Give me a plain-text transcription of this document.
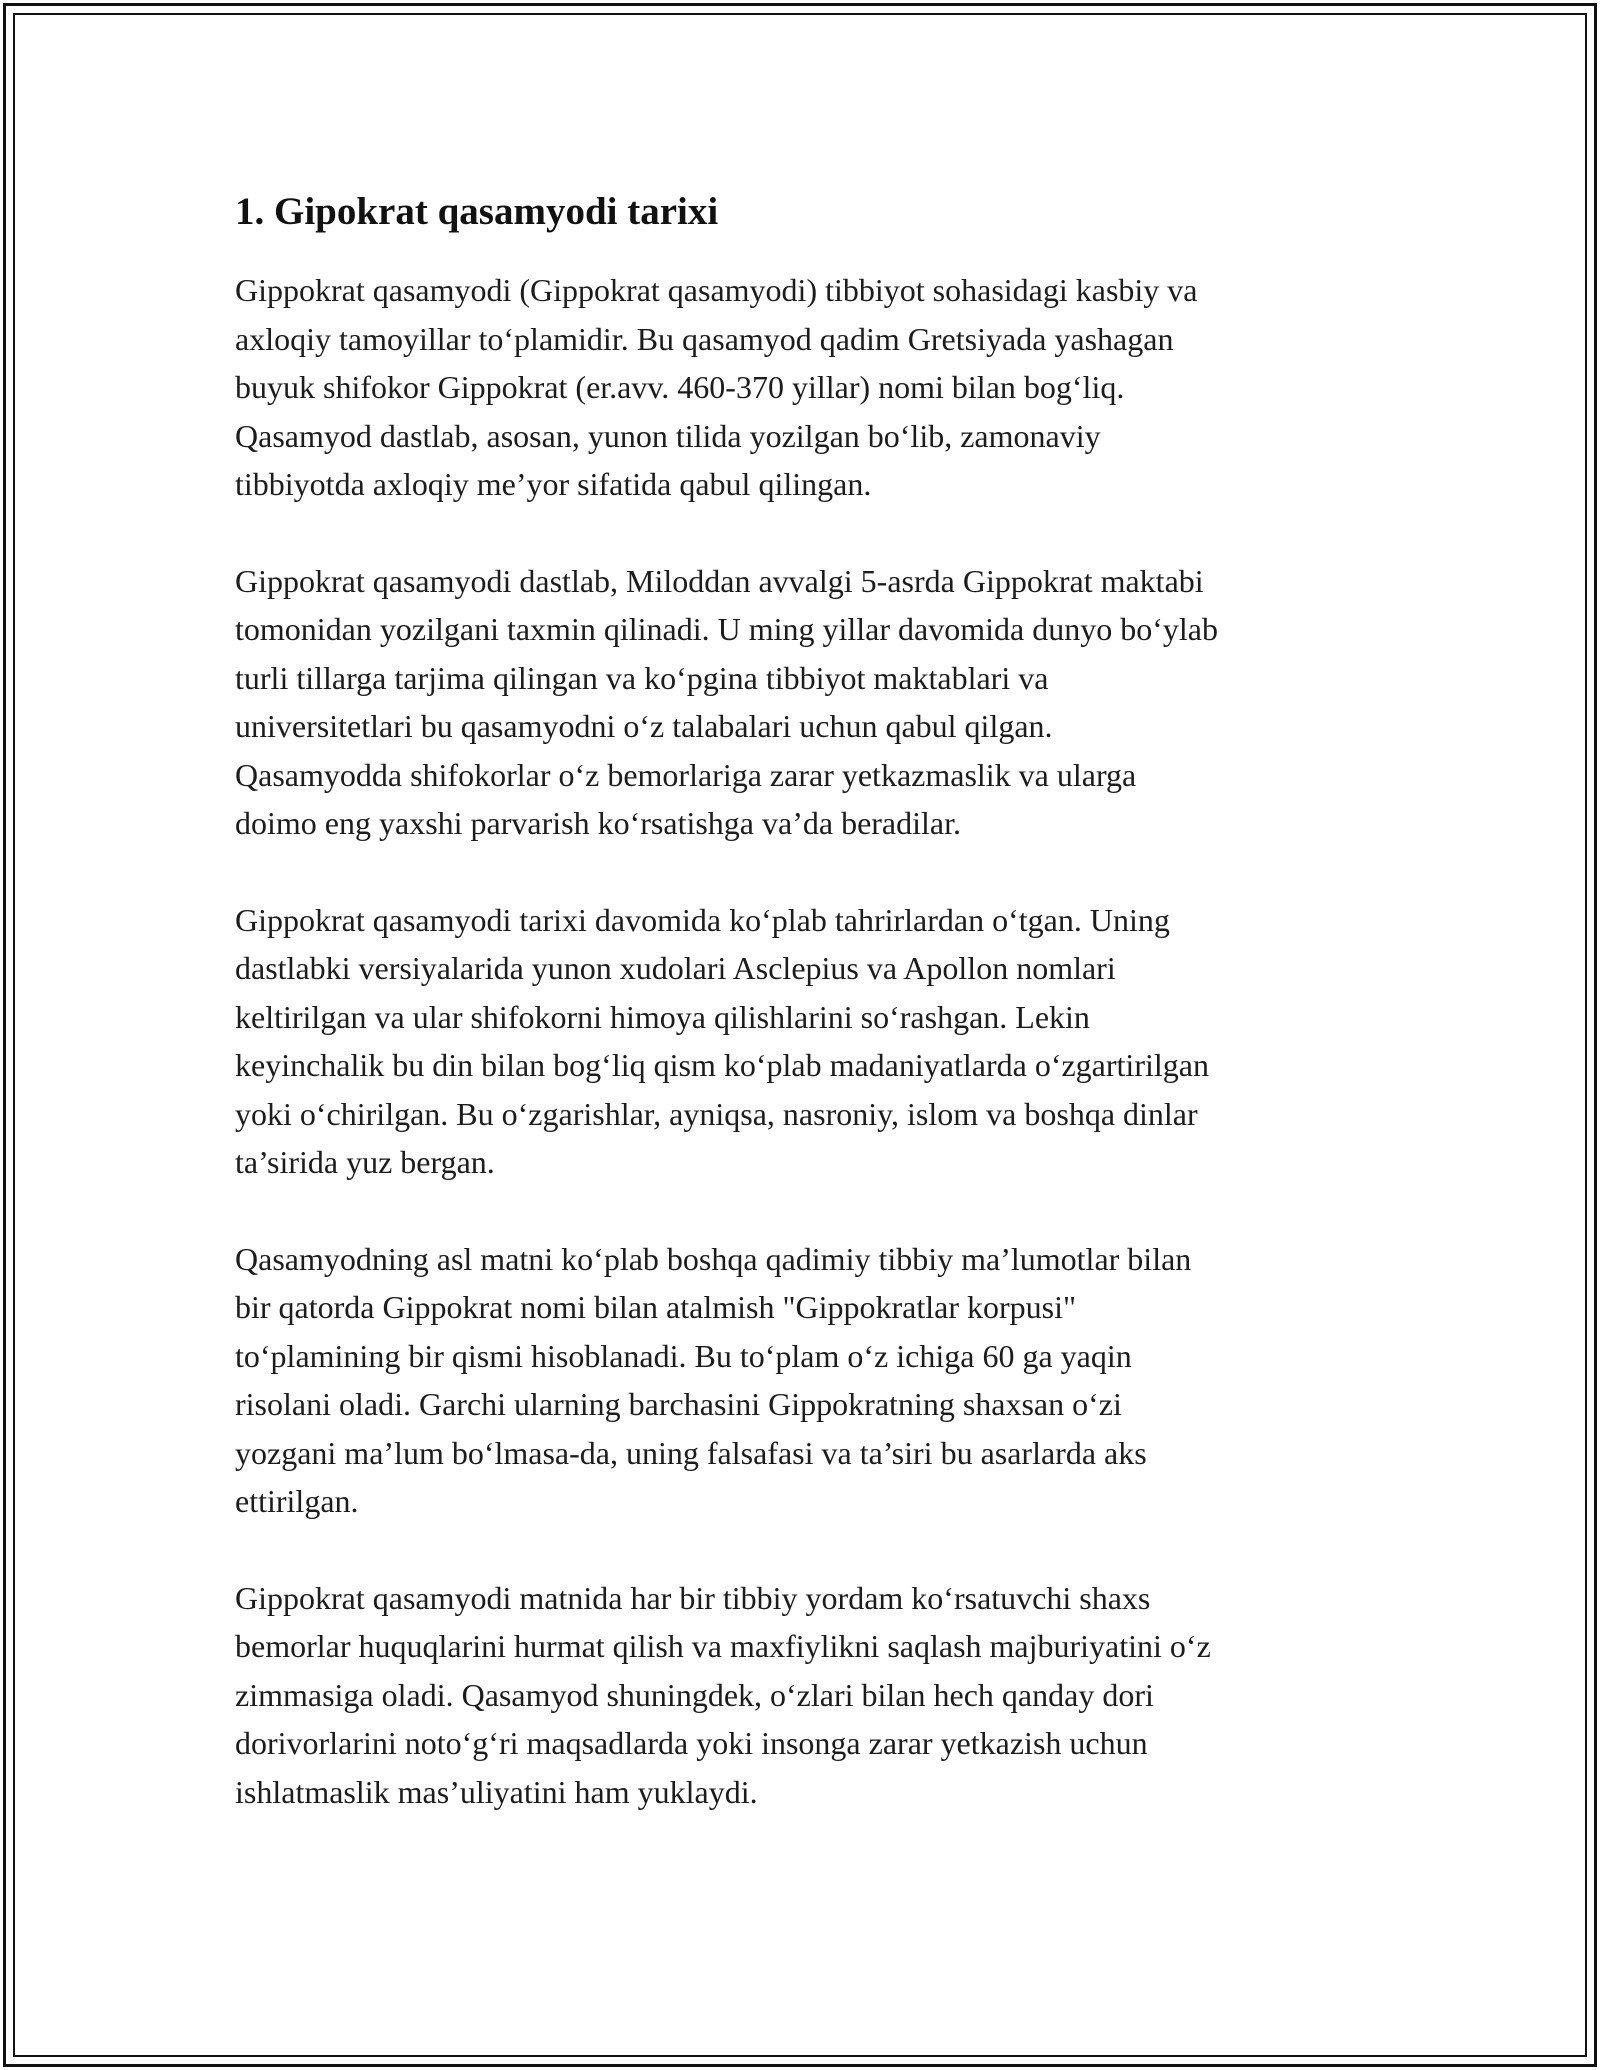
1. Gipokrat qasamyodi tarixi

Gippokrat qasamyodi (Gippokrat qasamyodi) tibbiyot sohasidagi kasbiy va
axloqiy tamoyillar to‘plamidir. Bu qasamyod qadim Gretsiyada yashagan
buyuk shifokor Gippokrat (er.avv. 460-370 yillar) nomi bilan bog‘liq.
Qasamyod dastlab, asosan, yunon tilida yozilgan bo‘lib, zamonaviy
tibbiyotda axloqiy me’yor sifatida qabul qilingan.

Gippokrat qasamyodi dastlab, Miloddan avvalgi 5-asrda Gippokrat maktabi
tomonidan yozilgani taxmin qilinadi. U ming yillar davomida dunyo bo‘ylab
turli tillarga tarjima qilingan va ko‘pgina tibbiyot maktablari va
universitetlari bu qasamyodni o‘z talabalari uchun qabul qilgan.
Qasamyodda shifokorlar o‘z bemorlariga zarar yetkazmaslik va ularga
doimo eng yaxshi parvarish ko‘rsatishga va’da beradilar.

Gippokrat qasamyodi tarixi davomida ko‘plab tahrirlardan o‘tgan. Uning
dastlabki versiyalarida yunon xudolari Asclepius va Apollon nomlari
keltirilgan va ular shifokorni himoya qilishlarini so‘rashgan. Lekin
keyinchalik bu din bilan bog‘liq qism ko‘plab madaniyatlarda o‘zgartirilgan
yoki o‘chirilgan. Bu o‘zgarishlar, ayniqsa, nasroniy, islom va boshqa dinlar
ta’sirida yuz bergan.

Qasamyodning asl matni ko‘plab boshqa qadimiy tibbiy ma’lumotlar bilan
bir qatorda Gippokrat nomi bilan atalmish "Gippokratlar korpusi"
to‘plamining bir qismi hisoblanadi. Bu to‘plam o‘z ichiga 60 ga yaqin
risolani oladi. Garchi ularning barchasini Gippokratning shaxsan o‘zi
yozgani ma’lum bo‘lmasa-da, uning falsafasi va ta’siri bu asarlarda aks
ettirilgan.

Gippokrat qasamyodi matnida har bir tibbiy yordam ko‘rsatuvchi shaxs
bemorlar huquqlarini hurmat qilish va maxfiylikni saqlash majburiyatini o‘z
zimmasiga oladi. Qasamyod shuningdek, o‘zlari bilan hech qanday dori
dorivorlarini noto‘g‘ri maqsadlarda yoki insonga zarar yetkazish uchun
ishlatmaslik mas’uliyatini ham yuklaydi.
